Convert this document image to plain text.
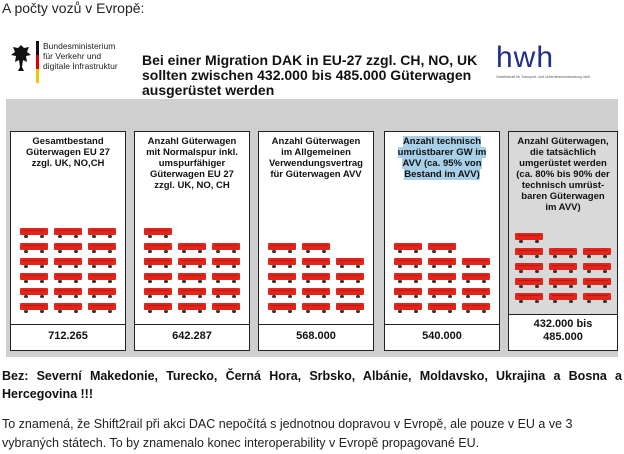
A počty vozů v Evropě:
Bundesministerium
für Verkehr und
digitale Infrastruktur Bei einer Migration DAK in EU-27 zzgl. CH, NO, UK
sollten zwischen 432.000 bis 485.000 Güterwagen
ausgerüstet werden
hwh
Gesellschaft für Transport- und Unternehmensberatung mbH
Gesamtbestand
Güterwagen EU 27
zzgl. UK, NO,CH
712.265
Anzahl Güterwagen
mit Normalspur inkl.
umspurfähiger
Güterwagen EU 27
zzgl. UK, NO, CH
642.287
Anzahl Güterwagen
im Allgemeinen
Verwendungsvertrag
für Güterwagen AVV
568.000
Anzahl technisch
umrüstbarer GW im
AVV (ca. 95% von
Bestand im AVV)
540.000
Anzahl Güterwagen,
die tatsächlich
umgerüstet werden
(ca. 80% bis 90% der
technisch umrüst-
baren Güterwagen
im AVV)
432.000 bis
485.000
Bez: Severní Makedonie, Turecko, Černá Hora, Srbsko, Albánie, Moldavsko, Ukrajina a Bosna a Hercegovina !!!
To znamená, že Shift2rail při akci DAC nepočítá s jednotnou dopravou v Evropě, ale pouze v EU a ve 3 vybraných státech. To by znamenalo konec interoperability v Evropě propagované EU.
